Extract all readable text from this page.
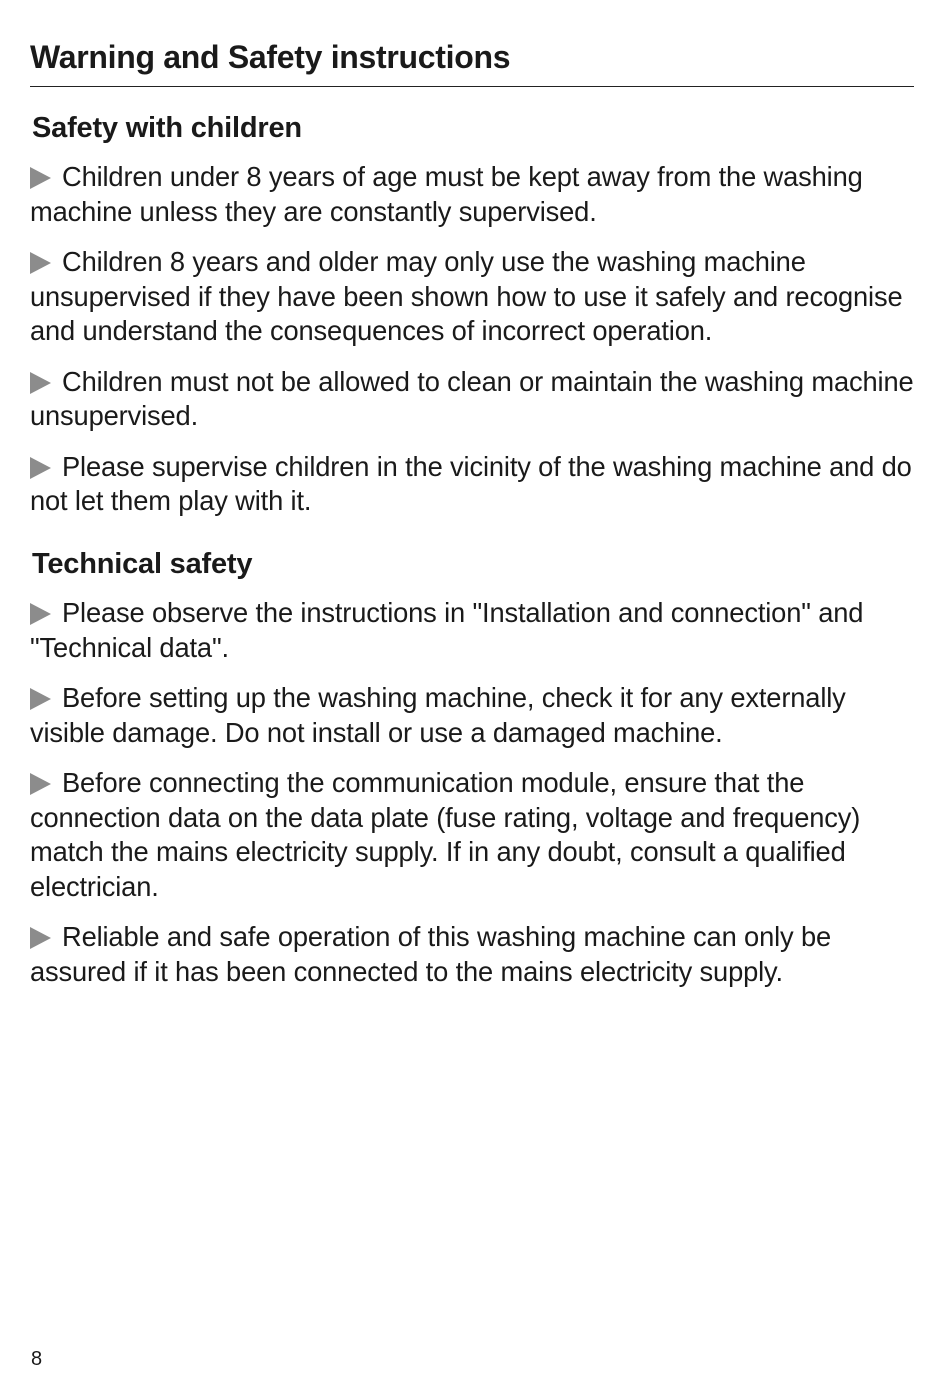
Warning and Safety instructions
Safety with children

Children under 8 years of age must be kept away from the washing machine unless they are constantly supervised.

Children 8 years and older may only use the washing machine unsupervised if they have been shown how to use it safely and recognise and understand the consequences of incorrect operation.

Children must not be allowed to clean or maintain the washing machine unsupervised.

Please supervise children in the vicinity of the washing machine and do not let them play with it.

Technical safety

Please observe the instructions in "Installation and connection" and "Technical data".

Before setting up the washing machine, check it for any externally visible damage. Do not install or use a damaged machine.

Before connecting the communication module, ensure that the connection data on the data plate (fuse rating, voltage and frequency) match the mains electricity supply. If in any doubt, consult a qualified electrician.

Reliable and safe operation of this washing machine can only be assured if it has been connected to the mains electricity supply.

8
